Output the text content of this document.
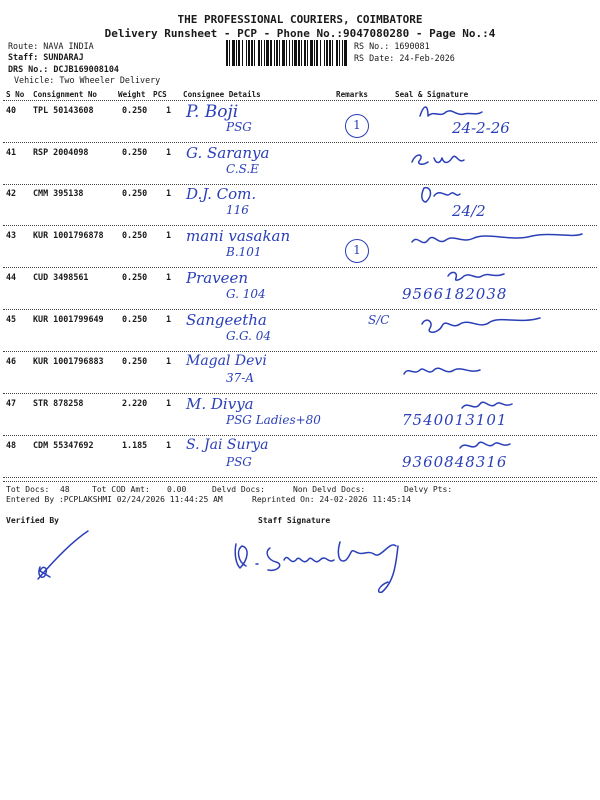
THE PROFESSIONAL COURIERS, COIMBATORE
Delivery Runsheet - PCP - Phone No.:9047080280 - Page No.:4
Route: NAVA INDIA
Staff: SUNDARAJ
DRS No.: DCJB169008104
Vehicle: Two Wheeler Delivery
RS No.: 1690081
RS Date: 24-Feb-2026
S No Consignment No	Weight PCS Consignee Details	Remarks	Seal & Signature
40 TPL 50143608	0.250 1 P. Boji
PSG	1	24-2-26
41 RSP 2004098	0.250 1 G. Saranya
C.S.E
42 CMM 395138	0.250 1 D.J. Com.
116	24/2
43 KUR 1001796878 0.250 1 mani vasakan
B.101	1
44 CUD 3498561	0.250 1 Praveen
G. 104	9566182038
45 KUR 1001799649 0.250 1 Sangeetha
G.G. 04
S/C
46 KUR 1001796883 0.250 1 Magal Devi
37-A
47 STR 878258	2.220 1 M. Divya
PSG Ladies+80	7540013101
48 CDM 55347692	1.185 1 S. Jai Surya
PSG	9360848316
Tot Docs: 48	Tot COD Amt: 0.00	Delvd Docs:	Non Delvd Docs:	Delvy Pts:
Entered By :PCPLAKSHMI 02/24/2026 11:44:25 AM	Reprinted On: 24-02-2026 11:45:14
Verified By	Staff Signature
